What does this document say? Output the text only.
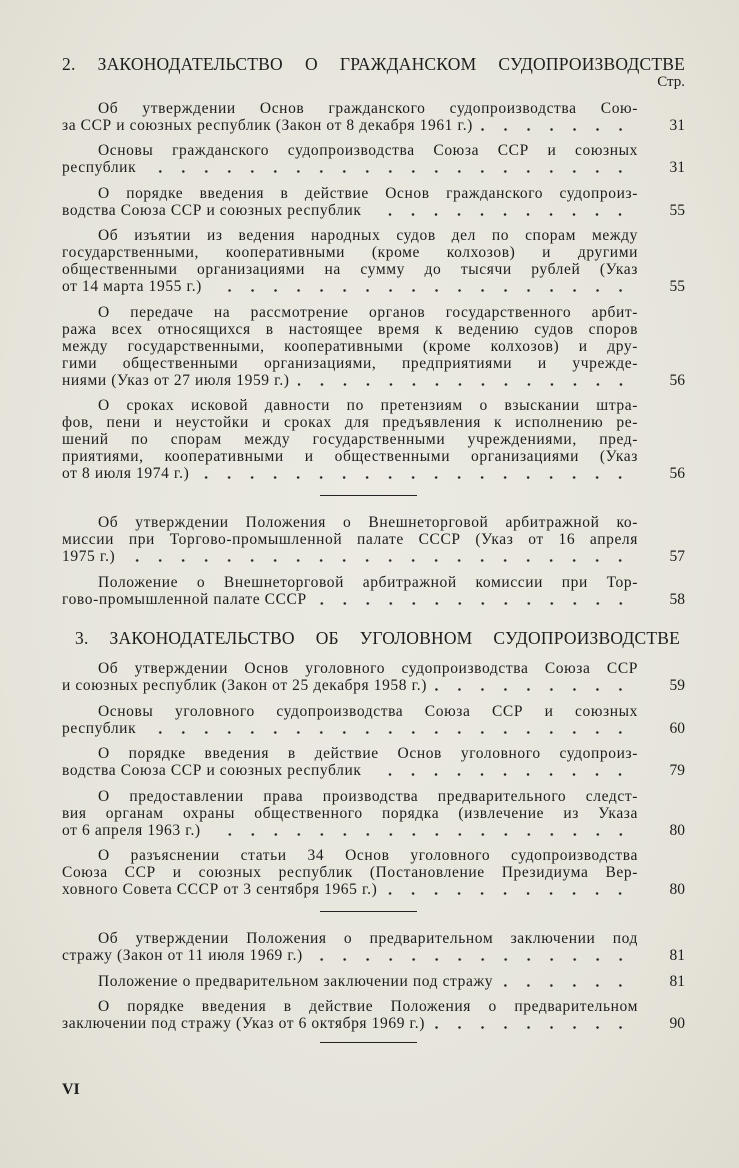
2. ЗАКОНОДАТЕЛЬСТВО О ГРАЖДАНСКОМ СУДОПРОИЗВОДСТВЕ
Стр.
Об утверждении Основ гражданского судопроизводства Сою-
за ССР и союзных республик (Закон от 8 декабря 1961 г.)	31
Основы гражданского судопроизводства Союза ССР и союзных
республик	31
О порядке введения в действие Основ гражданского судопроиз-
водства Союза ССР и союзных республик	55
Об изъятии из ведения народных судов дел по спорам между
государственными, кооперативными (кроме колхозов) и другими
общественными организациями на сумму до тысячи рублей (Указ
от 14 марта 1955 г.)	55
О передаче на рассмотрение органов государственного арбит-
ража всех относящихся в настоящее время к ведению судов споров
между государственными, кооперативными (кроме колхозов) и дру-
гими общественными организациями, предприятиями и учрежде-
ниями (Указ от 27 июля 1959 г.)	56
О сроках исковой давности по претензиям о взыскании штра-
фов, пени и неустойки и сроках для предъявления к исполнению ре-
шений по спорам между государственными учреждениями, пред-
приятиями, кооперативными и общественными организациями (Указ
от 8 июля 1974 г.)	56
Об утверждении Положения о Внешнеторговой арбитражной ко-
миссии при Торгово-промышленной палате СССР (Указ от 16 апреля
1975 г.)	57
Положение о Внешнеторговой арбитражной комиссии при Тор-
гово-промышленной палате СССР	58
3. ЗАКОНОДАТЕЛЬСТВО ОБ УГОЛОВНОМ СУДОПРОИЗВОДСТВЕ
Об утверждении Основ уголовного судопроизводства Союза ССР
и союзных республик (Закон от 25 декабря 1958 г.)	59
Основы уголовного судопроизводства Союза ССР и союзных
республик	60
О порядке введения в действие Основ уголовного судопроиз-
водства Союза ССР и союзных республик	79
О предоставлении права производства предварительного следст-
вия органам охраны общественного порядка (извлечение из Указа
от 6 апреля 1963 г.)	80
О разъяснении статьи 34 Основ уголовного судопроизводства
Союза ССР и союзных республик (Постановление Президиума Вер-
ховного Совета СССР от 3 сентября 1965 г.)	80
Об утверждении Положения о предварительном заключении под
стражу (Закон от 11 июля 1969 г.)	81
Положение о предварительном заключении под стражу	81
О порядке введения в действие Положения о предварительном
заключении под стражу (Указ от 6 октября 1969 г.)	90
VI
